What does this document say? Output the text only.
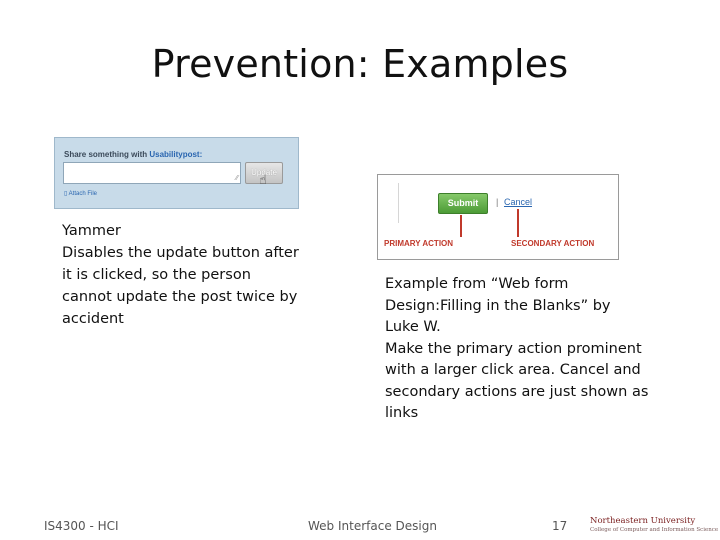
Prevention: Examples
Share something with Usabilitypost:
⁄⁄
Update
☝
▯ Attach File
Yammer
Disables the update button after
it is clicked, so the person
cannot update the post twice by
accident
Submit	| Cancel
PRIMARY ACTION	SECONDARY ACTION
Example from “Web form
Design:Filling in the Blanks” by
Luke W.
Make the primary action prominent
with a larger click area. Cancel and
secondary actions are just shown as
links
IS4300 - HCI	Web Interface Design	17	Northeastern University
College of Computer and Information Science
